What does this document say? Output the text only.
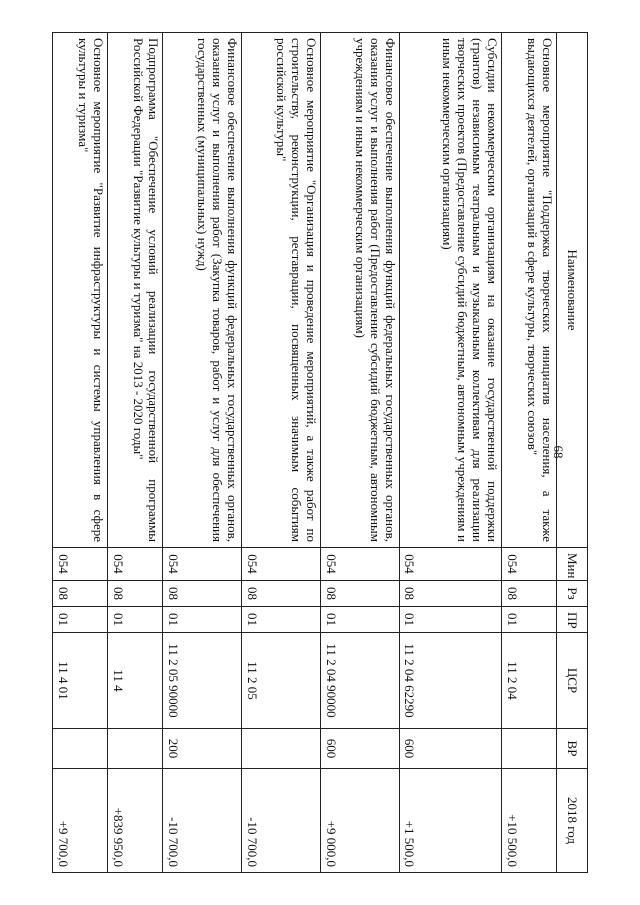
68
Наименование	Мин	Рз	ПР	ЦСР	ВР	2018 год
Основное мероприятие "Поддержка творческих инициатив населения, а также выдающихся деятелей, организаций в сфере культуры, творческих союзов"	054	08	01	11 2 04		+10 500,0
Субсидии некоммерческим организациям на оказание государственной поддержки (грантов) независимым театральным и музыкальным коллективам для реализации творческих проектов (Предоставление субсидий бюджетным, автономным учреждениям и иным некоммерческим организациям)	054	08	01	11 2 04 62290	600	+1 500,0
Финансовое обеспечение выполнения функций федеральных государственных органов, оказания услуг и выполнения работ (Предоставление субсидий бюджетным, автономным учреждениям и иным некоммерческим организациям)	054	08	01	11 2 04 90000	600	+9 000,0
Основное мероприятие "Организация и проведение мероприятий, а также работ по строительству, реконструкции, реставрации, посвященных значимым событиям российской культуры"	054	08	01	11 2 05		-10 700,0
Финансовое обеспечение выполнения функций федеральных государственных органов, оказания услуг и выполнения работ (Закупка товаров, работ и услуг для обеспечения государственных (муниципальных) нужд)	054	08	01	11 2 05 90000	200	-10 700,0
Подпрограмма "Обеспечение условий реализации государственной программы Российской Федерации "Развитие культуры и туризма" на 2013 - 2020 годы"	054	08	01	11 4		+839 950,0
Основное мероприятие "Развитие инфраструктуры и системы управления в сфере культуры и туризма"	054	08	01	11 4 01		+9 700,0
